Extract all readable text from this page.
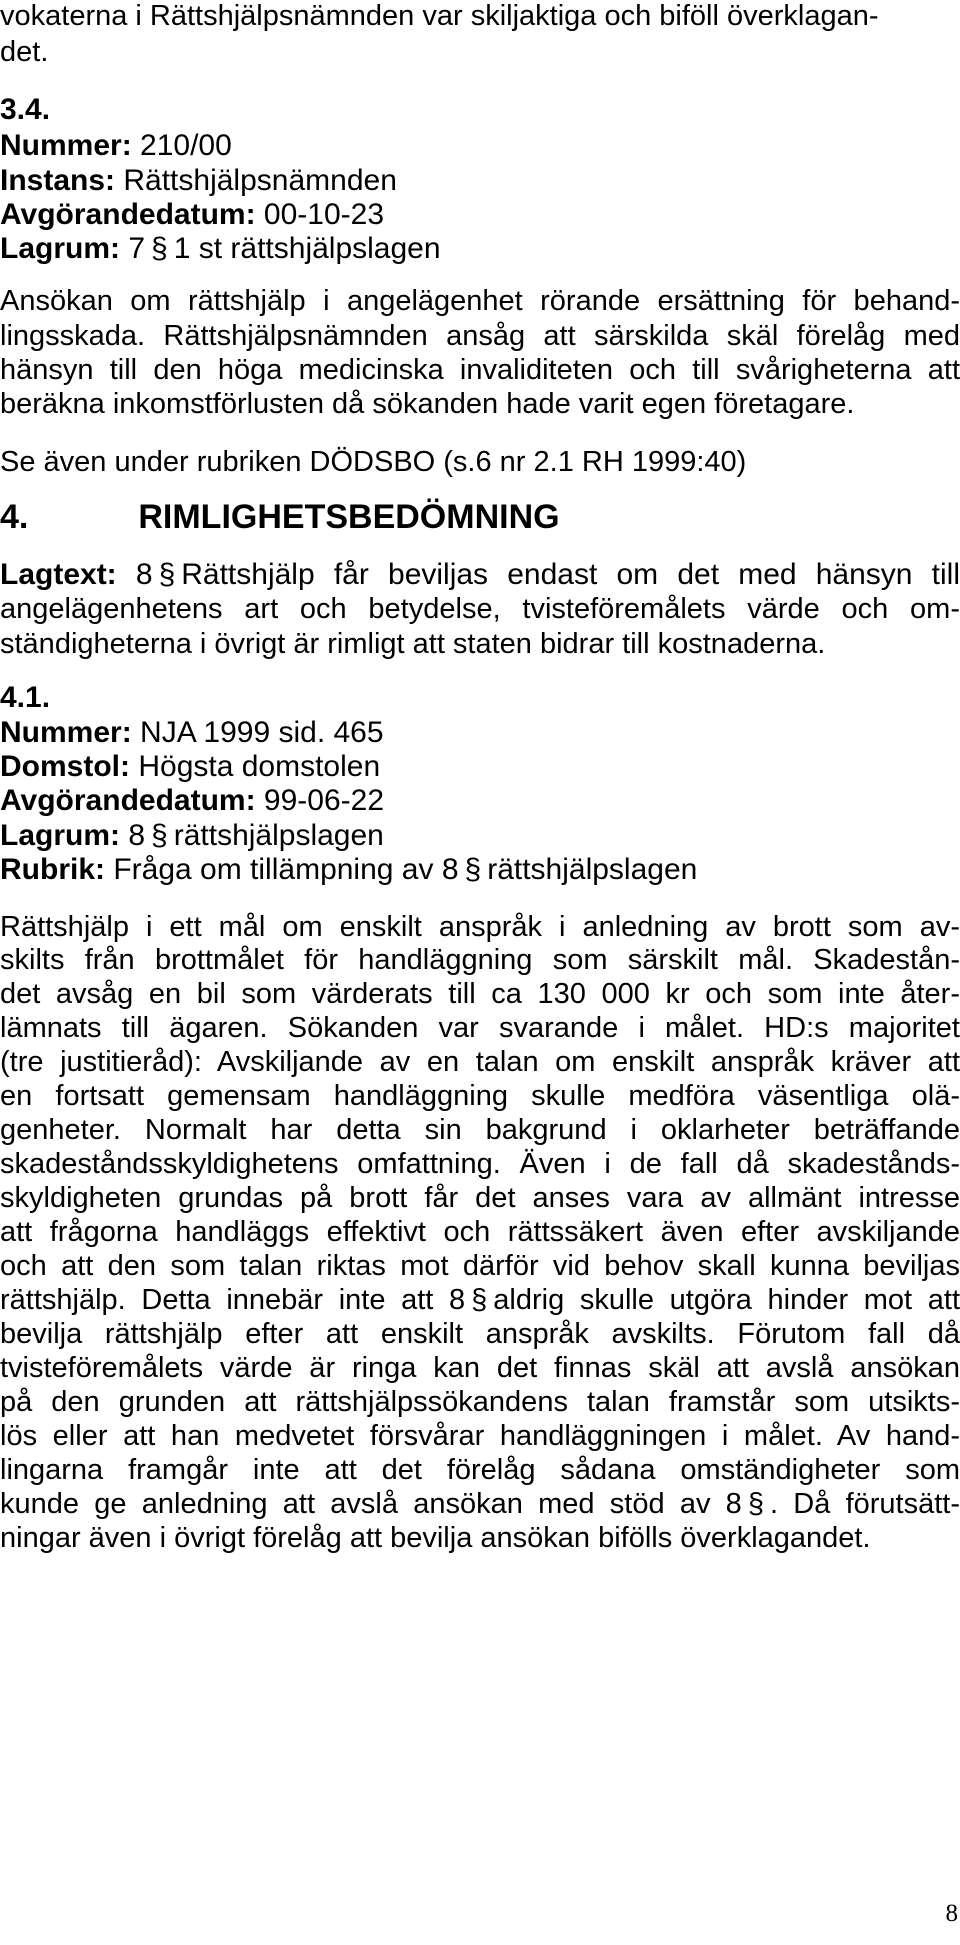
vokaterna i Rättshjälpsnämnden var skiljaktiga och biföll överklagan-
det.
3.4.
Nummer: 210/00
Instans: Rättshjälpsnämnden
Avgörandedatum: 00-10-23
Lagrum: 7 § 1 st rättshjälpslagen
Ansökan om rättshjälp i angelägenhet rörande ersättning för behand-
lingsskada. Rättshjälpsnämnden ansåg att särskilda skäl förelåg med
hänsyn till den höga medicinska invaliditeten och till svårigheterna att
beräkna inkomstförlusten då sökanden hade varit egen företagare.
Se även under rubriken DÖDSBO (s.6 nr 2.1 RH 1999:40)
4.	RIMLIGHETSBEDÖMNING
Lagtext: 8 § Rättshjälp får beviljas endast om det med hänsyn till
angelägenhetens art och betydelse, tvisteföremålets värde och om-
ständigheterna i övrigt är rimligt att staten bidrar till kostnaderna.
4.1.
Nummer: NJA 1999 sid. 465
Domstol: Högsta domstolen
Avgörandedatum: 99-06-22
Lagrum: 8 § rättshjälpslagen
Rubrik: Fråga om tillämpning av 8 § rättshjälpslagen
Rättshjälp i ett mål om enskilt anspråk i anledning av brott som av-
skilts från brottmålet för handläggning som särskilt mål. Skadestån-
det avsåg en bil som värderats till ca 130 000 kr och som inte åter-
lämnats till ägaren. Sökanden var svarande i målet. HD:s majoritet
(tre justitieråd): Avskiljande av en talan om enskilt anspråk kräver att
en fortsatt gemensam handläggning skulle medföra väsentliga olä-
genheter. Normalt har detta sin bakgrund i oklarheter beträffande
skadeståndsskyldighetens omfattning. Även i de fall då skadestånds-
skyldigheten grundas på brott får det anses vara av allmänt intresse
att frågorna handläggs effektivt och rättssäkert även efter avskiljande
och att den som talan riktas mot därför vid behov skall kunna beviljas
rättshjälp. Detta innebär inte att 8 § aldrig skulle utgöra hinder mot att
bevilja rättshjälp efter att enskilt anspråk avskilts. Förutom fall då
tvisteföremålets värde är ringa kan det finnas skäl att avslå ansökan
på den grunden att rättshjälpssökandens talan framstår som utsikts-
lös eller att han medvetet försvårar handläggningen i målet. Av hand-
lingarna framgår inte att det förelåg sådana omständigheter som
kunde ge anledning att avslå ansökan med stöd av 8 § . Då förutsätt-
ningar även i övrigt förelåg att bevilja ansökan bifölls överklagandet.
8
